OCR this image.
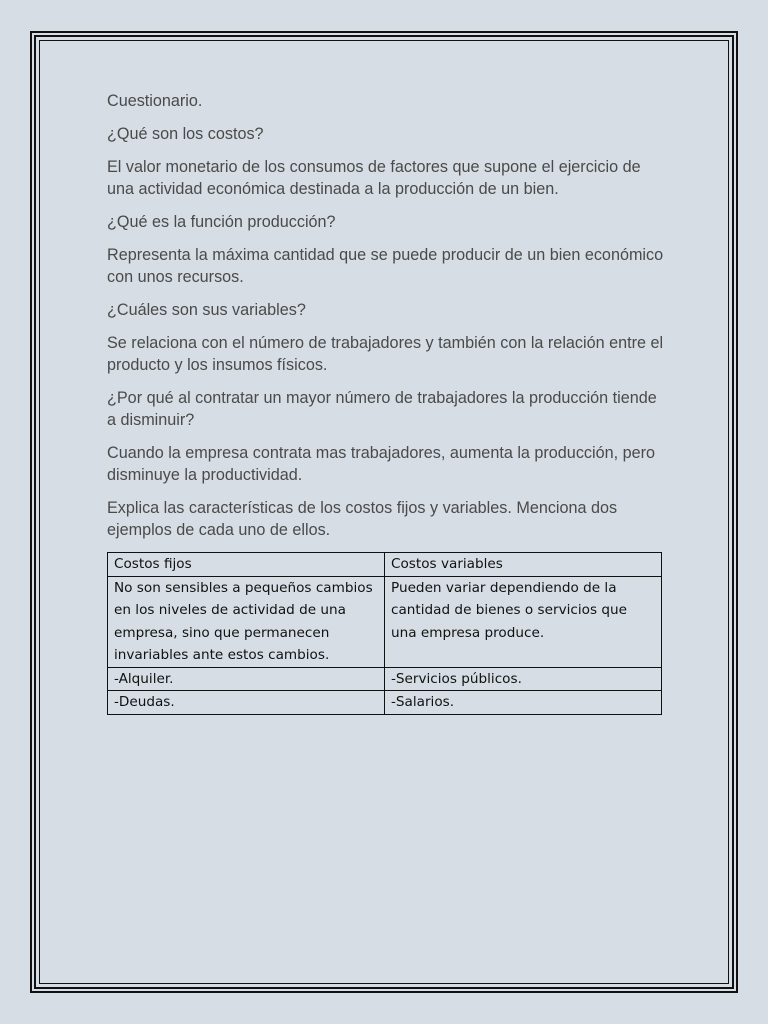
Cuestionario.

¿Qué son los costos?

El valor monetario de los consumos de factores que supone el ejercicio de una actividad económica destinada a la producción de un bien.

¿Qué es la función producción?

Representa la máxima cantidad que se puede producir de un bien económico con unos recursos.

¿Cuáles son sus variables?

Se relaciona con el número de trabajadores y también con la relación entre el producto y los insumos físicos.

¿Por qué al contratar un mayor número de trabajadores la producción tiende a disminuir?

Cuando la empresa contrata mas trabajadores, aumenta la producción, pero disminuye la productividad.

Explica las características de los costos fijos y variables. Menciona dos ejemplos de cada uno de ellos.

Costos fijos	Costos variables
No son sensibles a pequeños cambios en los niveles de actividad de una empresa, sino que permanecen invariables ante estos cambios.	Pueden variar dependiendo de la cantidad de bienes o servicios que una empresa produce.
-Alquiler.	-Servicios públicos.
-Deudas.	-Salarios.
